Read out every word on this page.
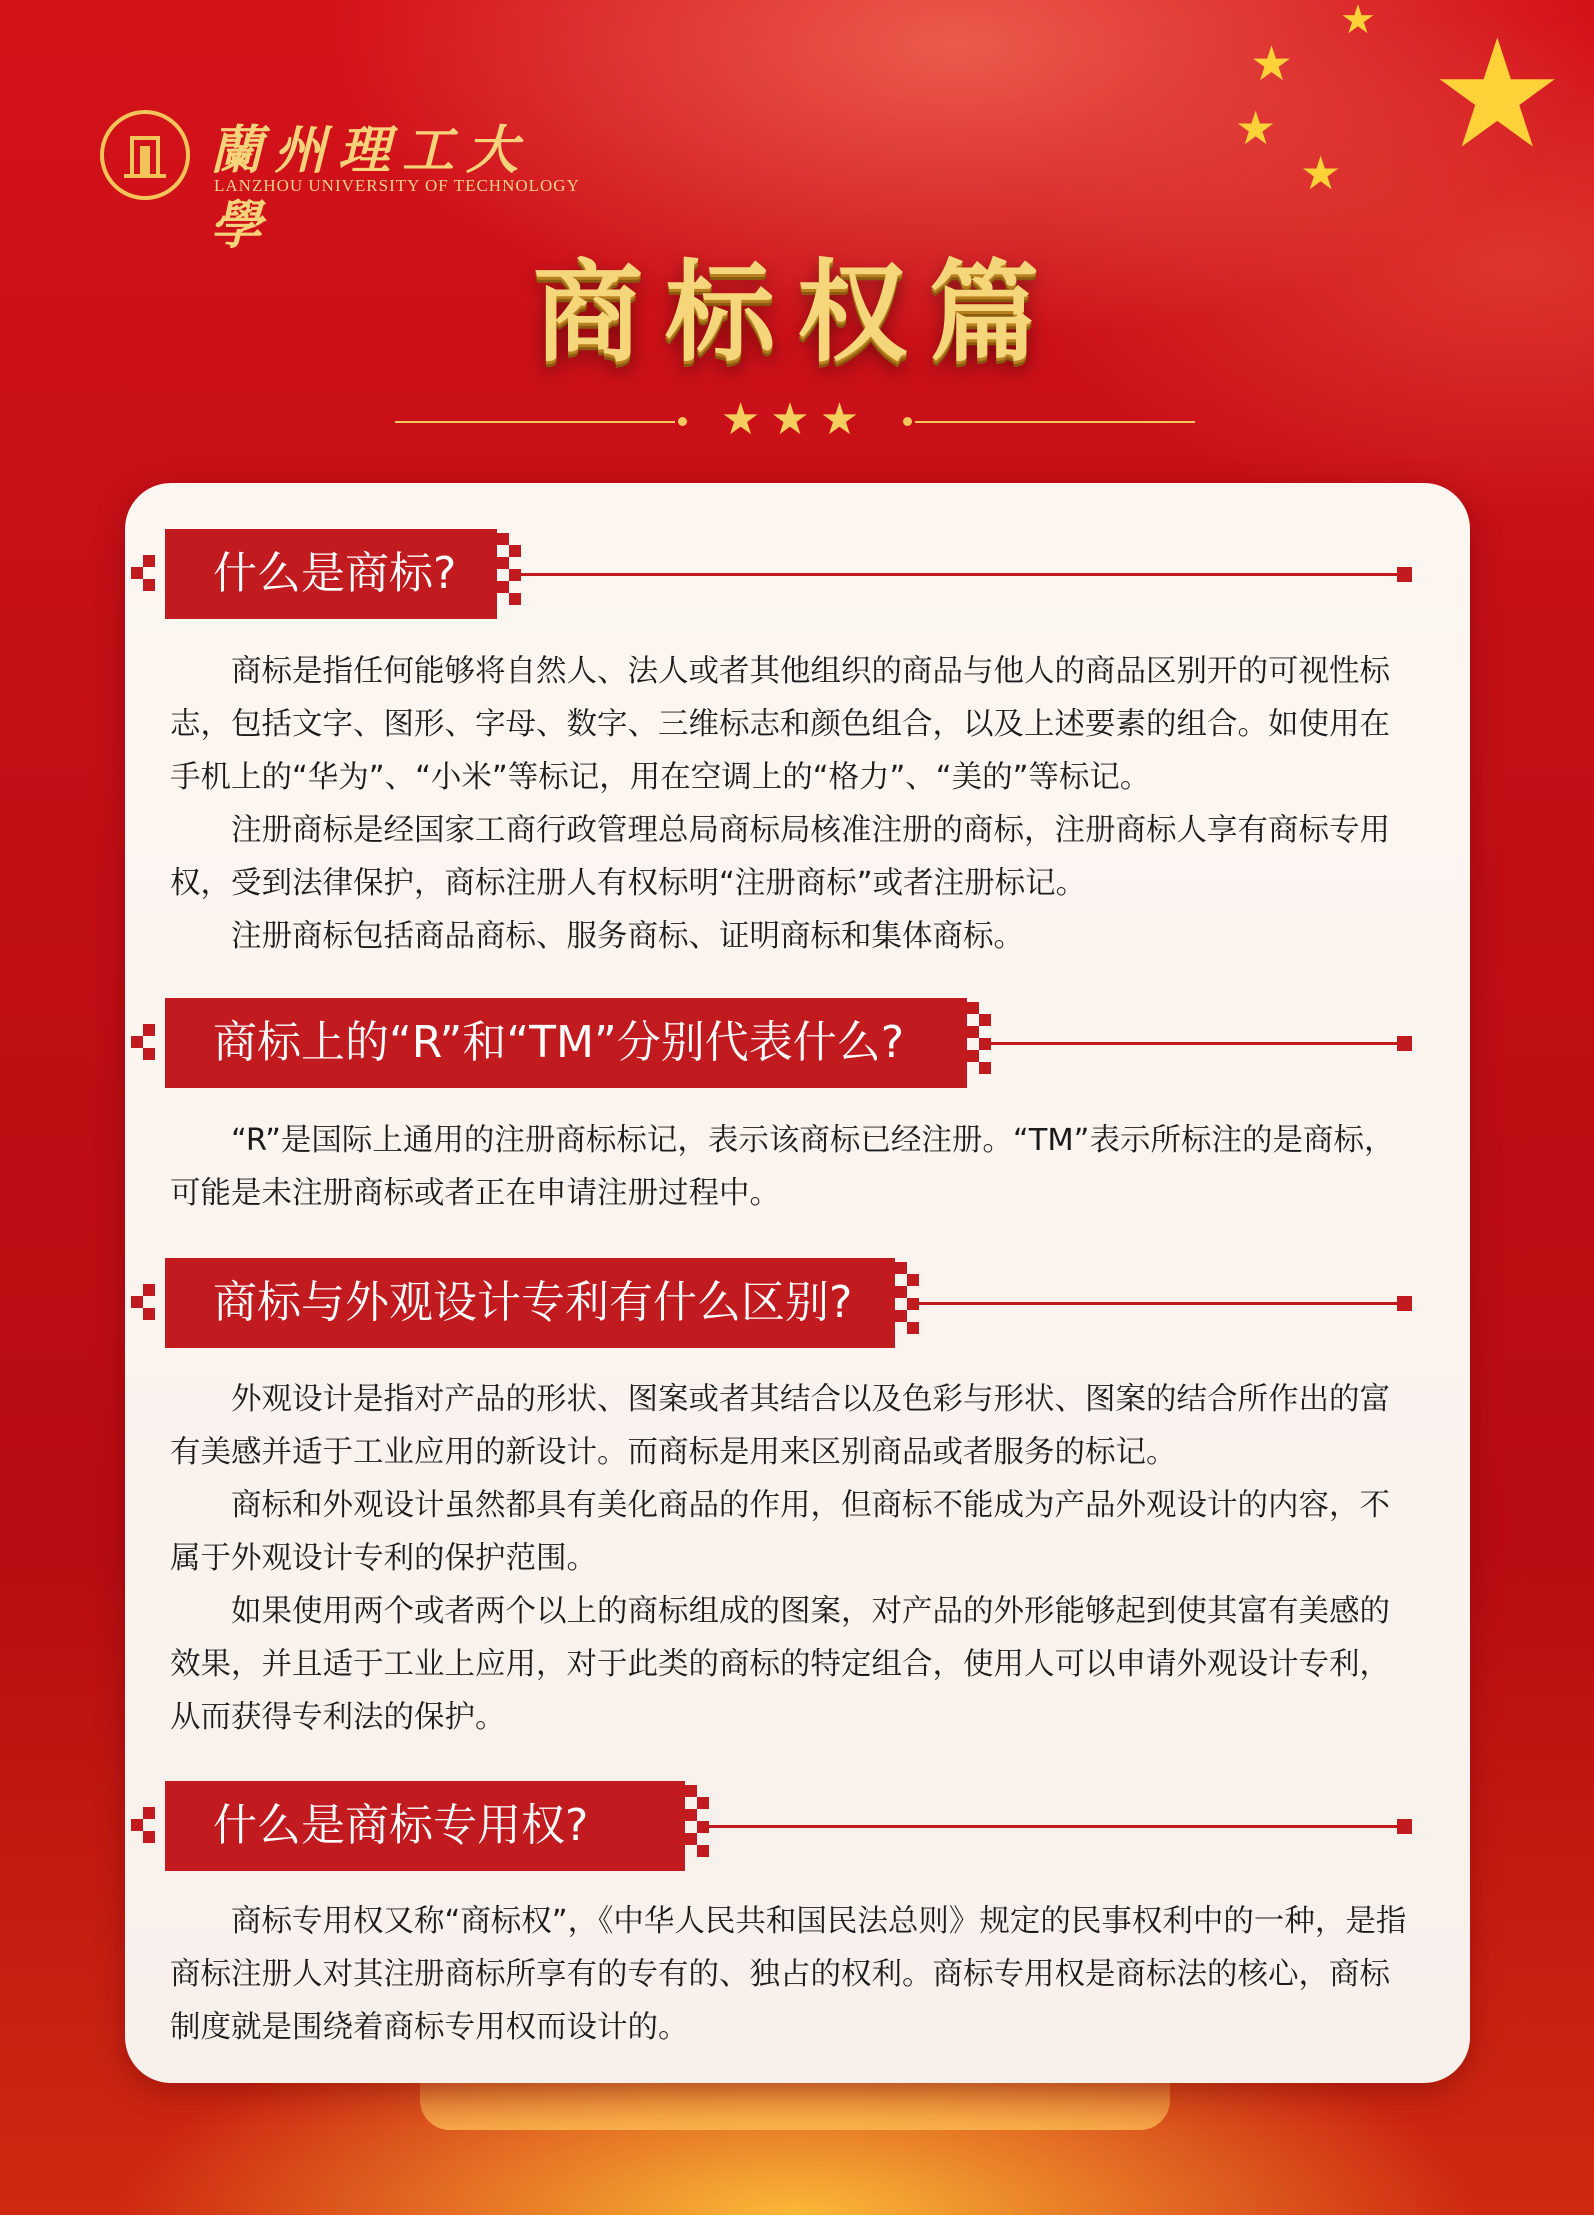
★
★
★
★
★
蘭州理工大學
LANZHOU UNIVERSITY OF TECHNOLOGY
商标权篇
★★★
什么是商标?

商标是指任何能够将自然人、法人或者其他组织的商品与他人的商品区别开的可视性标志，包括文字、图形、字母、数字、三维标志和颜色组合，以及上述要素的组合。如使用在手机上的“华为”、“小米”等标记，用在空调上的“格力”、“美的”等标记。

注册商标是经国家工商行政管理总局商标局核准注册的商标，注册商标人享有商标专用权，受到法律保护，商标注册人有权标明“注册商标”或者注册标记。

注册商标包括商品商标、服务商标、证明商标和集体商标。

商标上的“R”和“TM”分别代表什么?

“R”是国际上通用的注册商标标记，表示该商标已经注册。“TM”表示所标注的是商标，可能是未注册商标或者正在申请注册过程中。

商标与外观设计专利有什么区别?

外观设计是指对产品的形状、图案或者其结合以及色彩与形状、图案的结合所作出的富有美感并适于工业应用的新设计。而商标是用来区别商品或者服务的标记。

商标和外观设计虽然都具有美化商品的作用，但商标不能成为产品外观设计的内容，不属于外观设计专利的保护范围。

如果使用两个或者两个以上的商标组成的图案，对产品的外形能够起到使其富有美感的效果，并且适于工业上应用，对于此类的商标的特定组合，使用人可以申请外观设计专利，从而获得专利法的保护。

什么是商标专用权?

商标专用权又称“商标权”，《中华人民共和国民法总则》规定的民事权利中的一种，是指商标注册人对其注册商标所享有的专有的、独占的权利。商标专用权是商标法的核心，商标制度就是围绕着商标专用权而设计的。
